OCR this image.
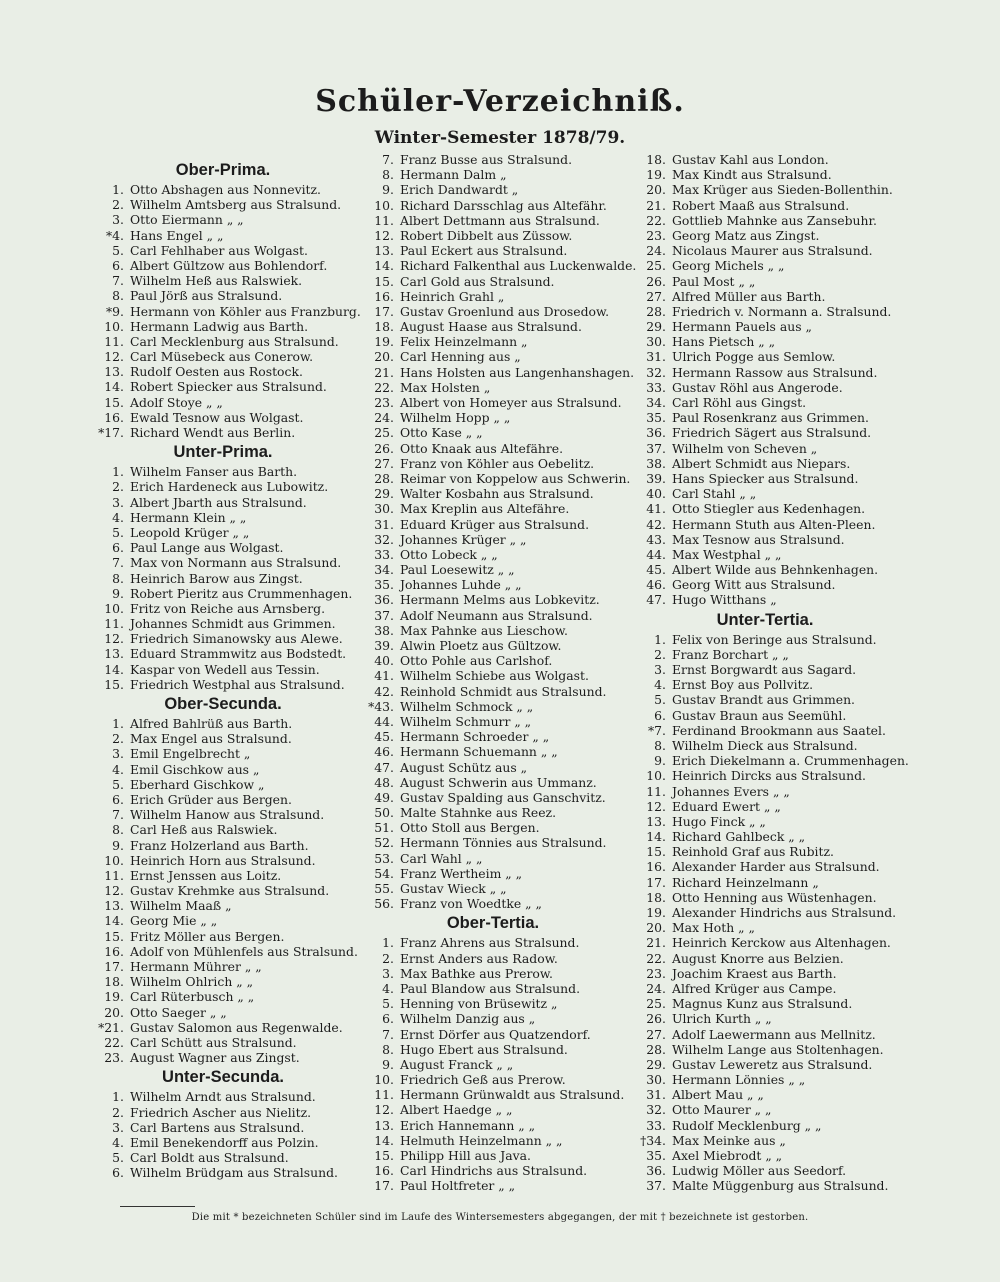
Schüler-Verzeichniß.
Winter-Semester 1878/79.
Ober-Prima.
1. Otto Abshagen aus Nonnevitz.
2. Wilhelm Amtsberg aus Stralsund.
3. Otto Eiermann „ „
*4. Hans Engel „ „
5. Carl Fehlhaber aus Wolgast.
6. Albert Gültzow aus Bohlendorf.
7. Wilhelm Heß aus Ralswiek.
8. Paul Jörß aus Stralsund.
*9. Hermann von Köhler aus Franzburg.
10. Hermann Ladwig aus Barth.
11. Carl Mecklenburg aus Stralsund.
12. Carl Müsebeck aus Conerow.
13. Rudolf Oesten aus Rostock.
14. Robert Spiecker aus Stralsund.
15. Adolf Stoye „ „
16. Ewald Tesnow aus Wolgast.
*17. Richard Wendt aus Berlin.
Unter-Prima.
1. Wilhelm Fanser aus Barth.
2. Erich Hardeneck aus Lubowitz.
3. Albert Jbarth aus Stralsund.
4. Hermann Klein „ „
5. Leopold Krüger „ „
6. Paul Lange aus Wolgast.
7. Max von Normann aus Stralsund.
8. Heinrich Barow aus Zingst.
9. Robert Pieritz aus Crummenhagen.
10. Fritz von Reiche aus Arnsberg.
11. Johannes Schmidt aus Grimmen.
12. Friedrich Simanowsky aus Alewe.
13. Eduard Strammwitz aus Bodstedt.
14. Kaspar von Wedell aus Tessin.
15. Friedrich Westphal aus Stralsund.
Ober-Secunda.
1. Alfred Bahlrüß aus Barth.
2. Max Engel aus Stralsund.
3. Emil Engelbrecht „
4. Emil Gischkow aus „
5. Eberhard Gischkow „
6. Erich Grüder aus Bergen.
7. Wilhelm Hanow aus Stralsund.
8. Carl Heß aus Ralswiek.
9. Franz Holzerland aus Barth.
10. Heinrich Horn aus Stralsund.
11. Ernst Jenssen aus Loitz.
12. Gustav Krehmke aus Stralsund.
13. Wilhelm Maaß „
14. Georg Mie „ „
15. Fritz Möller aus Bergen.
16. Adolf von Mühlenfels aus Stralsund.
17. Hermann Mührer „ „
18. Wilhelm Ohlrich „ „
19. Carl Rüterbusch „ „
20. Otto Saeger „ „
*21. Gustav Salomon aus Regenwalde.
22. Carl Schütt aus Stralsund.
23. August Wagner aus Zingst.
Unter-Secunda.
1. Wilhelm Arndt aus Stralsund.
2. Friedrich Ascher aus Nielitz.
3. Carl Bartens aus Stralsund.
4. Emil Benekendorff aus Polzin.
5. Carl Boldt aus Stralsund.
6. Wilhelm Brüdgam aus Stralsund.
7. Franz Busse aus Stralsund.
8. Hermann Dalm „
9. Erich Dandwardt „
10. Richard Darsschlag aus Altefähr.
11. Albert Dettmann aus Stralsund.
12. Robert Dibbelt aus Züssow.
13. Paul Eckert aus Stralsund.
14. Richard Falkenthal aus Luckenwalde.
15. Carl Gold aus Stralsund.
16. Heinrich Grahl „
17. Gustav Groenlund aus Drosedow.
18. August Haase aus Stralsund.
19. Felix Heinzelmann „
20. Carl Henning aus „
21. Hans Holsten aus Langenhanshagen.
22. Max Holsten „
23. Albert von Homeyer aus Stralsund.
24. Wilhelm Hopp „ „
25. Otto Kase „ „
26. Otto Knaak aus Altefähre.
27. Franz von Köhler aus Oebelitz.
28. Reimar von Koppelow aus Schwerin.
29. Walter Kosbahn aus Stralsund.
30. Max Kreplin aus Altefähre.
31. Eduard Krüger aus Stralsund.
32. Johannes Krüger „ „
33. Otto Lobeck „ „
34. Paul Loesewitz „ „
35. Johannes Luhde „ „
36. Hermann Melms aus Lobkevitz.
37. Adolf Neumann aus Stralsund.
38. Max Pahnke aus Lieschow.
39. Alwin Ploetz aus Gültzow.
40. Otto Pohle aus Carlshof.
41. Wilhelm Schiebe aus Wolgast.
42. Reinhold Schmidt aus Stralsund.
*43. Wilhelm Schmock „ „
44. Wilhelm Schmurr „ „
45. Hermann Schroeder „ „
46. Hermann Schuemann „ „
47. August Schütz aus „
48. August Schwerin aus Ummanz.
49. Gustav Spalding aus Ganschvitz.
50. Malte Stahnke aus Reez.
51. Otto Stoll aus Bergen.
52. Hermann Tönnies aus Stralsund.
53. Carl Wahl „ „
54. Franz Wertheim „ „
55. Gustav Wieck „ „
56. Franz von Woedtke „ „
Ober-Tertia.
1. Franz Ahrens aus Stralsund.
2. Ernst Anders aus Radow.
3. Max Bathke aus Prerow.
4. Paul Blandow aus Stralsund.
5. Henning von Brüsewitz „
6. Wilhelm Danzig aus „
7. Ernst Dörfer aus Quatzendorf.
8. Hugo Ebert aus Stralsund.
9. August Franck „ „
10. Friedrich Geß aus Prerow.
11. Hermann Grünwaldt aus Stralsund.
12. Albert Haedge „ „
13. Erich Hannemann „ „
14. Helmuth Heinzelmann „ „
15. Philipp Hill aus Java.
16. Carl Hindrichs aus Stralsund.
17. Paul Holtfreter „ „
18. Gustav Kahl aus London.
19. Max Kindt aus Stralsund.
20. Max Krüger aus Sieden-Bollenthin.
21. Robert Maaß aus Stralsund.
22. Gottlieb Mahnke aus Zansebuhr.
23. Georg Matz aus Zingst.
24. Nicolaus Maurer aus Stralsund.
25. Georg Michels „ „
26. Paul Most „ „
27. Alfred Müller aus Barth.
28. Friedrich v. Normann a. Stralsund.
29. Hermann Pauels aus „
30. Hans Pietsch „ „
31. Ulrich Pogge aus Semlow.
32. Hermann Rassow aus Stralsund.
33. Gustav Röhl aus Angerode.
34. Carl Röhl aus Gingst.
35. Paul Rosenkranz aus Grimmen.
36. Friedrich Sägert aus Stralsund.
37. Wilhelm von Scheven „
38. Albert Schmidt aus Niepars.
39. Hans Spiecker aus Stralsund.
40. Carl Stahl „ „
41. Otto Stiegler aus Kedenhagen.
42. Hermann Stuth aus Alten-Pleen.
43. Max Tesnow aus Stralsund.
44. Max Westphal „ „
45. Albert Wilde aus Behnkenhagen.
46. Georg Witt aus Stralsund.
47. Hugo Witthans „
Unter-Tertia.
1. Felix von Beringe aus Stralsund.
2. Franz Borchart „ „
3. Ernst Borgwardt aus Sagard.
4. Ernst Boy aus Pollvitz.
5. Gustav Brandt aus Grimmen.
6. Gustav Braun aus Seemühl.
*7. Ferdinand Brookmann aus Saatel.
8. Wilhelm Dieck aus Stralsund.
9. Erich Diekelmann a. Crummenhagen.
10. Heinrich Dircks aus Stralsund.
11. Johannes Evers „ „
12. Eduard Ewert „ „
13. Hugo Finck „ „
14. Richard Gahlbeck „ „
15. Reinhold Graf aus Rubitz.
16. Alexander Harder aus Stralsund.
17. Richard Heinzelmann „
18. Otto Henning aus Wüstenhagen.
19. Alexander Hindrichs aus Stralsund.
20. Max Hoth „ „
21. Heinrich Kerckow aus Altenhagen.
22. August Knorre aus Belzien.
23. Joachim Kraest aus Barth.
24. Alfred Krüger aus Campe.
25. Magnus Kunz aus Stralsund.
26. Ulrich Kurth „ „
27. Adolf Laewermann aus Mellnitz.
28. Wilhelm Lange aus Stoltenhagen.
29. Gustav Leweretz aus Stralsund.
30. Hermann Lönnies „ „
31. Albert Mau „ „
32. Otto Maurer „ „
33. Rudolf Mecklenburg „ „
†34. Max Meinke aus „
35. Axel Miebrodt „ „
36. Ludwig Möller aus Seedorf.
37. Malte Müggenburg aus Stralsund.
Die mit * bezeichneten Schüler sind im Laufe des Wintersemesters abgegangen, der mit † bezeichnete ist gestorben.
